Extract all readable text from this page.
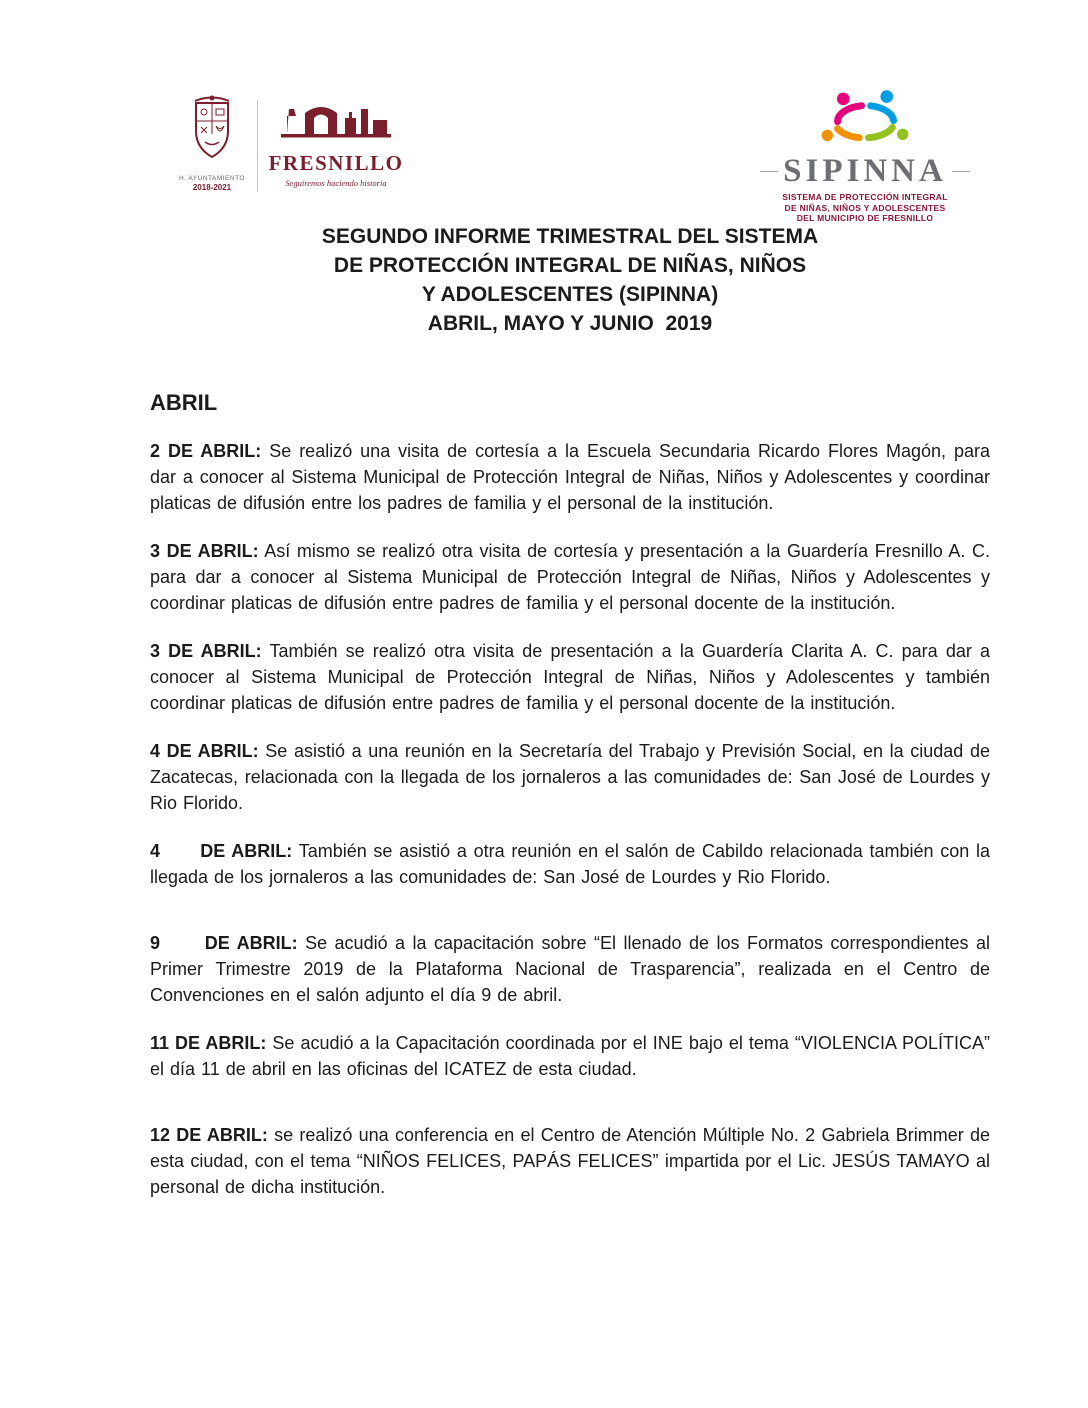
H. AYUNTAMIENTO
2018-2021
FRESNILLO
Seguiremos haciendo historia	SIPINNA
SISTEMA DE PROTECCIÓN INTEGRAL
DE NIÑAS, NIÑOS Y ADOLESCENTES
DEL MUNICIPIO DE FRESNILLO
SEGUNDO INFORME TRIMESTRAL DEL SISTEMA
DE PROTECCIÓN INTEGRAL DE NIÑAS, NIÑOS
Y ADOLESCENTES (SIPINNA)
ABRIL, MAYO Y JUNIO  2019
ABRIL

2 DE ABRIL: Se realizó una visita de cortesía a la Escuela Secundaria Ricardo Flores Magón, para dar a conocer al Sistema Municipal de Protección Integral de Niñas, Niños y Adolescentes y coordinar platicas de difusión entre los padres de familia y el personal de la institución.

3 DE ABRIL: Así mismo se realizó otra visita de cortesía y presentación a la Guardería Fresnillo A. C. para dar a conocer al Sistema Municipal de Protección Integral de Niñas, Niños y Adolescentes y coordinar platicas de difusión entre padres de familia y el personal docente de la institución.

3 DE ABRIL: También se realizó otra visita de presentación a la Guardería Clarita A. C. para dar a conocer al Sistema Municipal de Protección Integral de Niñas, Niños y Adolescentes y también coordinar platicas de difusión entre padres de familia y el personal docente de la institución.

4 DE ABRIL: Se asistió a una reunión en la Secretaría del Trabajo y Previsión Social, en la ciudad de Zacatecas, relacionada con la llegada de los jornaleros a las comunidades de: San José de Lourdes y Rio Florido.

4      DE ABRIL: También se asistió a otra reunión en el salón de Cabildo relacionada también con la llegada de los jornaleros a las comunidades de: San José de Lourdes y Rio Florido.

9      DE ABRIL: Se acudió a la capacitación sobre “El llenado de los Formatos correspondientes al Primer Trimestre 2019 de la Plataforma Nacional de Trasparencia”, realizada en el Centro de Convenciones en el salón adjunto el día 9 de abril.

11 DE ABRIL: Se acudió a la Capacitación coordinada por el INE bajo el tema “VIOLENCIA POLÍTICA” el día 11 de abril en las oficinas del ICATEZ de esta ciudad.

12 DE ABRIL: se realizó una conferencia en el Centro de Atención Múltiple No. 2 Gabriela Brimmer de esta ciudad, con el tema “NIÑOS FELICES, PAPÁS FELICES” impartida por el Lic. JESÚS TAMAYO al personal de dicha institución.
